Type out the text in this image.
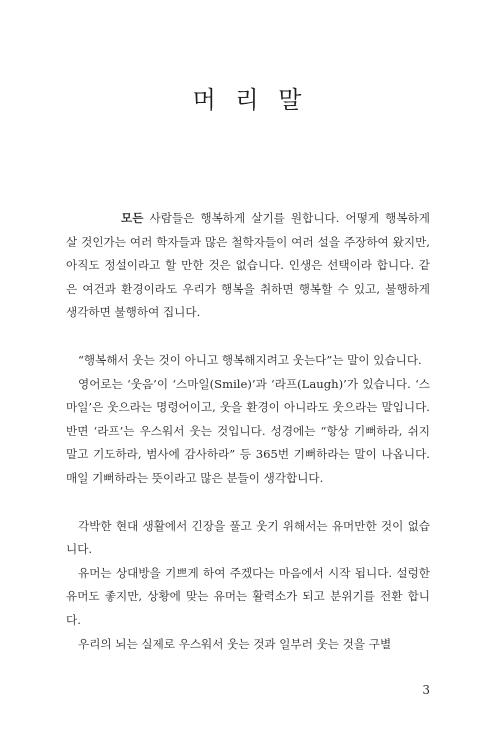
머 리 말

모든 사람들은 행복하게 살기를 원합니다. 어떻게 행복하게 살 것인가는 여러 학자들과 많은 철학자들이 여러 설을 주장하여 왔지만, 아직도 정설이라고 할 만한 것은 없습니다. 인생은 선택이라 합니다. 같은 여건과 환경이라도 우리가 행복을 취하면 행복할 수 있고, 불행하게 생각하면 불행하여 집니다.

“행복해서 웃는 것이 아니고 행복해지려고 웃는다”는 말이 있습니다.

영어로는 ‘웃음’이 ‘스마일(Smile)’과 ‘라프(Laugh)’가 있습니다. ‘스마일’은 웃으라는 명령어이고, 웃을 환경이 아니라도 웃으라는 말입니다. 반면 ‘라프’는 우스워서 웃는 것입니다. 성경에는 “항상 기뻐하라, 쉬지 말고 기도하라, 범사에 감사하라” 등 365번 기뻐하라는 말이 나옵니다. 매일 기뻐하라는 뜻이라고 많은 분들이 생각합니다.

각박한 현대 생활에서 긴장을 풀고 웃기 위해서는 유머만한 것이 없습니다.

유머는 상대방을 기쁘게 하여 주겠다는 마음에서 시작 됩니다. 설렁한 유머도 좋지만, 상황에 맞는 유머는 활력소가 되고 분위기를 전환 합니다.

우리의 뇌는 실제로 우스워서 웃는 것과 일부러 웃는 것을 구별

3
